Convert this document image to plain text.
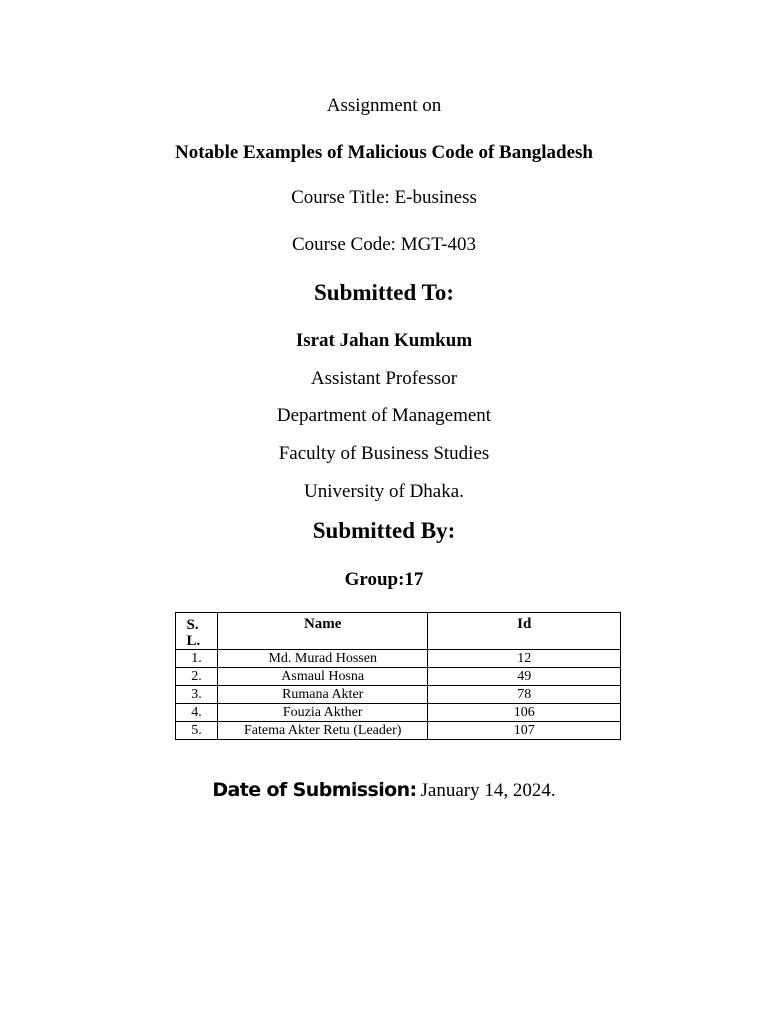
Assignment on
Notable Examples of Malicious Code of Bangladesh
Course Title: E-business
Course Code: MGT-403
Submitted To:
Israt Jahan Kumkum
Assistant Professor
Department of Management
Faculty of Business Studies
University of Dhaka.
Submitted By:
Group:17
S.L.	Name	Id
1.	Md. Murad Hossen	12
2.	Asmaul Hosna	49
3.	Rumana Akter	78
4.	Fouzia Akther	106
5.	Fatema Akter Retu (Leader)	107
Date of Submission: January 14, 2024.
